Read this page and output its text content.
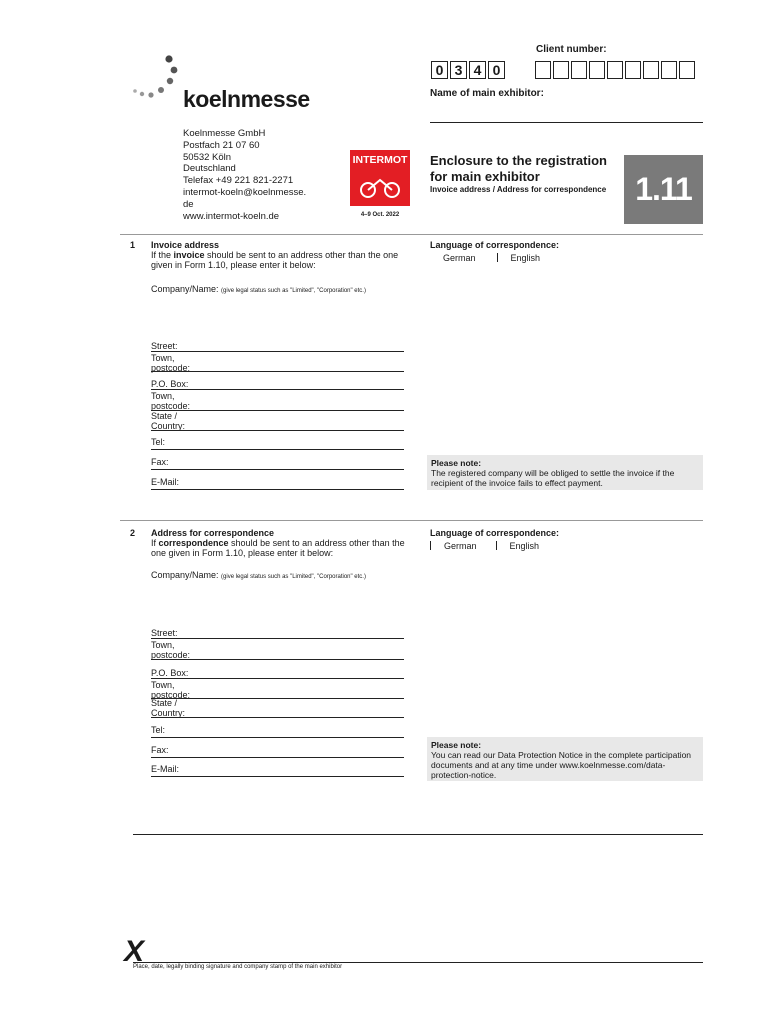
Client number:
0 3 4 0
Name of main exhibitor:
koelnmesse
Koelnmesse GmbH
Postfach 21 07 60
50532 Köln
Deutschland
Telefax +49 221 821-2271
intermot-koeln@koelnmesse.
de
www.intermot-koeln.de
INTERMOT
4–9 Oct. 2022
Enclosure to the registration
for main exhibitor
Invoice address / Address for correspondence 1.11
1 Invoice address
If the invoice should be sent to an address other than the one given in Form 1.10, please enter it below:
Company/Name: (give legal status such as "Limited", "Corporation" etc.)
Street:
Town, postcode:
P.O. Box:
Town, postcode:
State / Country:
Tel:
Fax:
E-Mail:
Language of correspondence:
German	English
Please note:
The registered company will be obliged to settle the invoice if the recipient of the invoice fails to effect payment.
2 Address for correspondence
If correspondence should be sent to an address other than the one given in Form 1.10, please enter it below:
Company/Name: (give legal status such as "Limited", "Corporation" etc.)
Street:
Town, postcode:
P.O. Box:
Town, postcode:
State / Country:
Tel:
Fax:
E-Mail:
Language of correspondence:
German	English
Please note:
You can read our Data Protection Notice in the complete participation documents and at any time under www.koelnmesse.com/data-protection-notice.
X
Place, date, legally binding signature and company stamp of the main exhibitor
